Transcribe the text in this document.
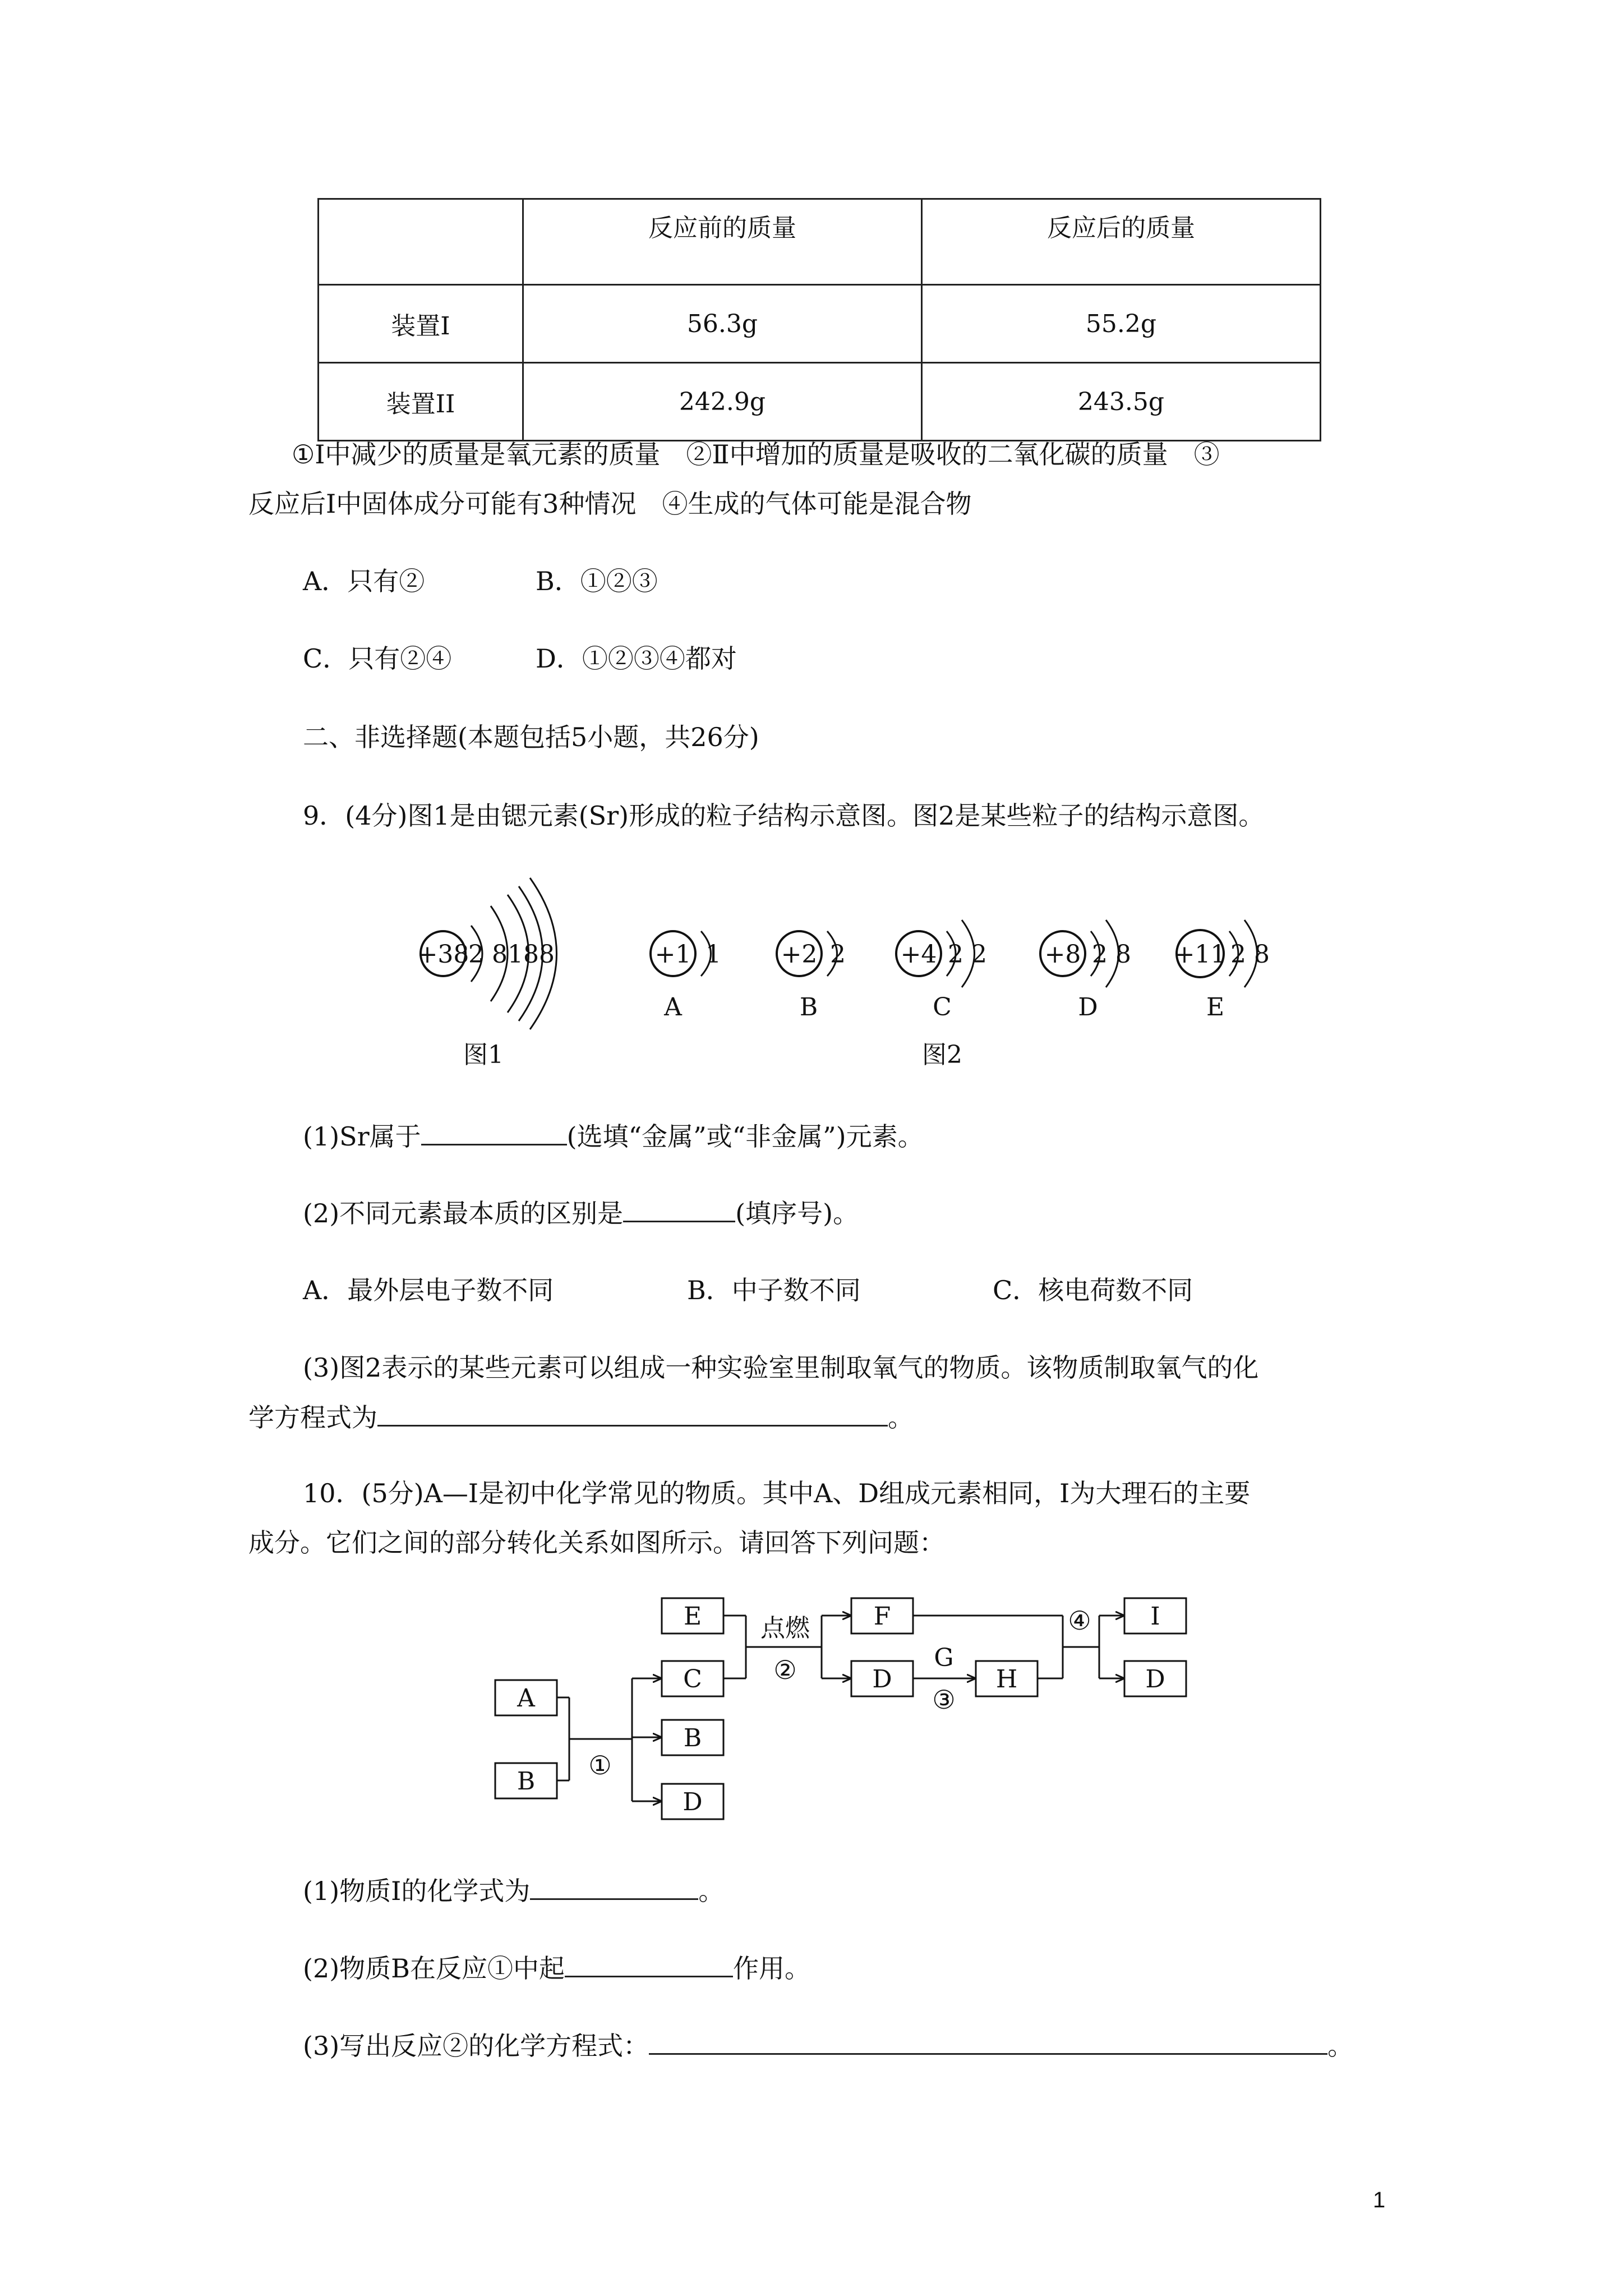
	反应前的质量	反应后的质量
装置Ⅰ	56.3g	55.2g
装置II	242.9g	243.5g
①Ⅰ中减少的质量是氧元素的质量　②Ⅱ中增加的质量是吸收的二氧化碳的质量　③
反应后Ⅰ中固体成分可能有3种情况　④生成的气体可能是混合物
A．只有②	B．①②③
C．只有②④	D．①②③④都对
二、非选择题(本题包括5小题，共26分)
9．(4分)图1是由锶元素(Sr)形成的粒子结构示意图。图2是某些粒子的结构示意图。
+38
2 8188
图1
+1 1
A
+2 2
B
+4 2 2
C
+8 2 8
D
+11 2 8
E
图2
(1)Sr属于	(选填“金属”或“非金属”)元素。
(2)不同元素最本质的区别是	(填序号)。
A．最外层电子数不同	B．中子数不同	C．核电荷数不同
(3)图2表示的某些元素可以组成一种实验室里制取氧气的物质。该物质制取氧气的化
学方程式为	。
10．(5分)A—I是初中化学常见的物质。其中A、D组成元素相同，I为大理石的主要
成分。它们之间的部分转化关系如图所示。请回答下列问题：
A
B
E
C
B
D
F
D	H
I
D
①
点燃
②	G
③
④
(1)物质Ⅰ的化学式为	。
(2)物质B在反应①中起	作用。
(3)写出反应②的化学方程式：	。
1
